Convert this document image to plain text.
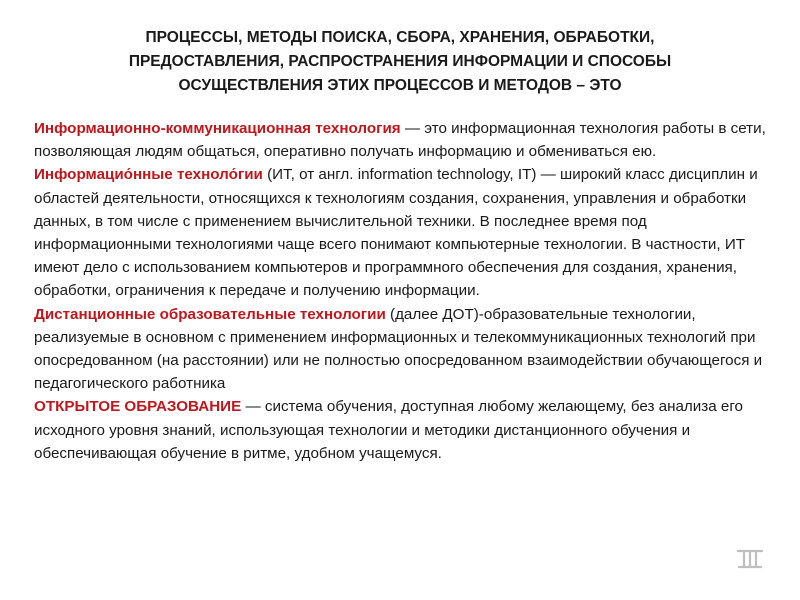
ПРОЦЕССЫ, МЕТОДЫ ПОИСКА, СБОРА, ХРАНЕНИЯ, ОБРАБОТКИ,
ПРЕДОСТАВЛЕНИЯ, РАСПРОСТРАНЕНИЯ ИНФОРМАЦИИ И СПОСОБЫ
ОСУЩЕСТВЛЕНИЯ ЭТИХ ПРОЦЕССОВ И МЕТОДОВ – ЭТО

Информационно-коммуникационная технология — это информационная технология работы в сети, позволяющая людям общаться, оперативно получать информацию и обмениваться ею.

Информацио́нные техноло́гии (ИТ, от англ. information technology, IT) — широкий класс дисциплин и областей деятельности, относящихся к технологиям создания, сохранения, управления и обработки данных, в том числе с применением вычислительной техники. В последнее время под информационными технологиями чаще всего понимают компьютерные технологии. В частности, ИТ имеют дело с использованием компьютеров и программного обеспечения для создания, хранения, обработки, ограничения к передаче и получению информации.

Дистанционные образовательные технологии (далее ДОТ)-образовательные технологии, реализуемые в основном с применением информационных и телекоммуникационных технологий при опосредованном (на расстоянии) или не полностью опосредованном взаимодействии обучающегося и педагогического работника

ОТКРЫТОЕ ОБРАЗОВАНИЕ — система обучения, доступная любому желающему, без анализа его исходного уровня знаний, использующая технологии и методики дистанционного обучения и обеспечивающая обучение в ритме, удобном учащемуся.
